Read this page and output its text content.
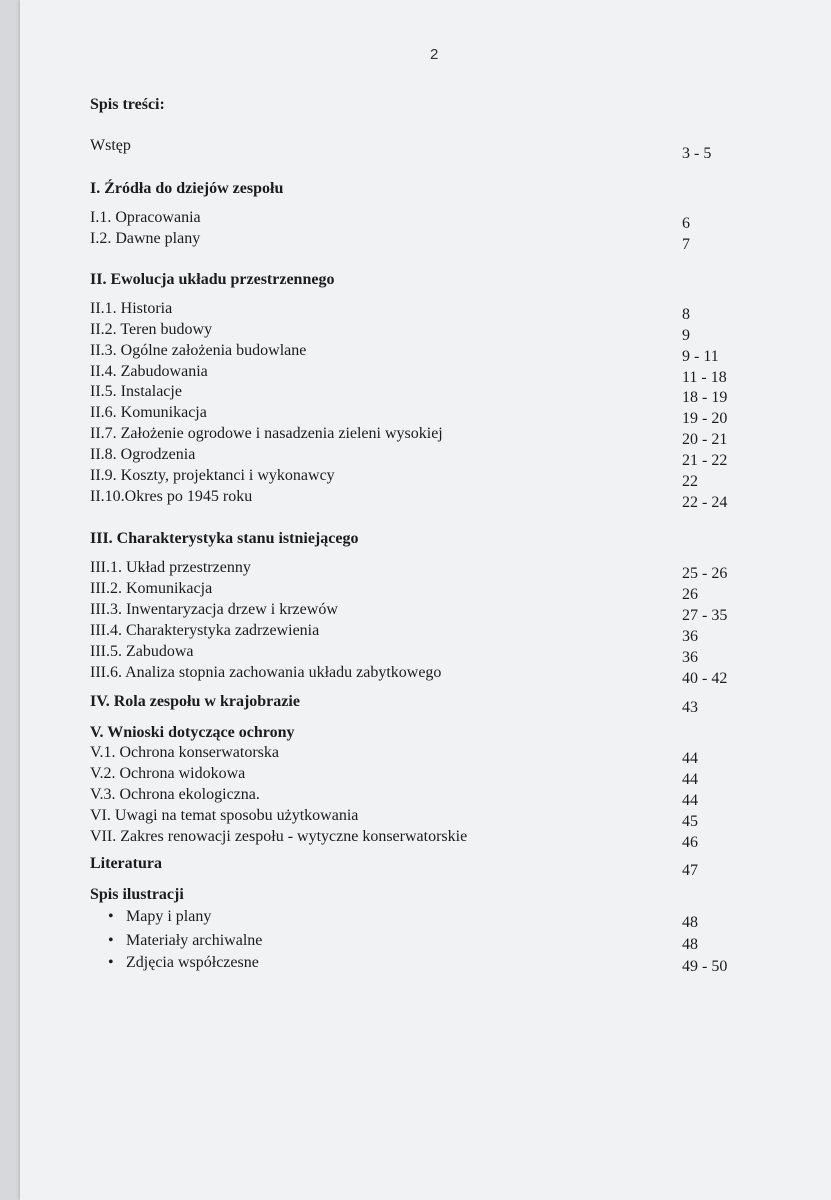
2
Spis treści:
Wstęp	3 - 5
I. Źródła do dziejów zespołu
I.1. Opracowania	6
I.2. Dawne plany	7
II. Ewolucja układu przestrzennego
II.1. Historia	8
II.2. Teren budowy	9
II.3. Ogólne założenia budowlane	9 - 11
II.4. Zabudowania	11 - 18
II.5. Instalacje	18 - 19
II.6. Komunikacja	19 - 20
II.7. Założenie ogrodowe i nasadzenia zieleni wysokiej	20 - 21
II.8. Ogrodzenia	21 - 22
II.9. Koszty, projektanci i wykonawcy	22
II.10.Okres po 1945 roku	22 - 24
III. Charakterystyka stanu istniejącego
III.1. Układ przestrzenny	25 - 26
III.2. Komunikacja	26
III.3. Inwentaryzacja drzew i krzewów	27 - 35
III.4. Charakterystyka zadrzewienia	36
III.5. Zabudowa	36
III.6. Analiza stopnia zachowania układu zabytkowego	40 - 42
IV. Rola zespołu w krajobrazie	43
V. Wnioski dotyczące ochrony
V.1. Ochrona konserwatorska	44
V.2. Ochrona widokowa	44
V.3. Ochrona ekologiczna.	44
VI. Uwagi na temat sposobu użytkowania	45
VII. Zakres renowacji zespołu - wytyczne konserwatorskie	46
Literatura	47
Spis ilustracji
• Mapy i plany	48
• Materiały archiwalne	48
• Zdjęcia współczesne	49 - 50
